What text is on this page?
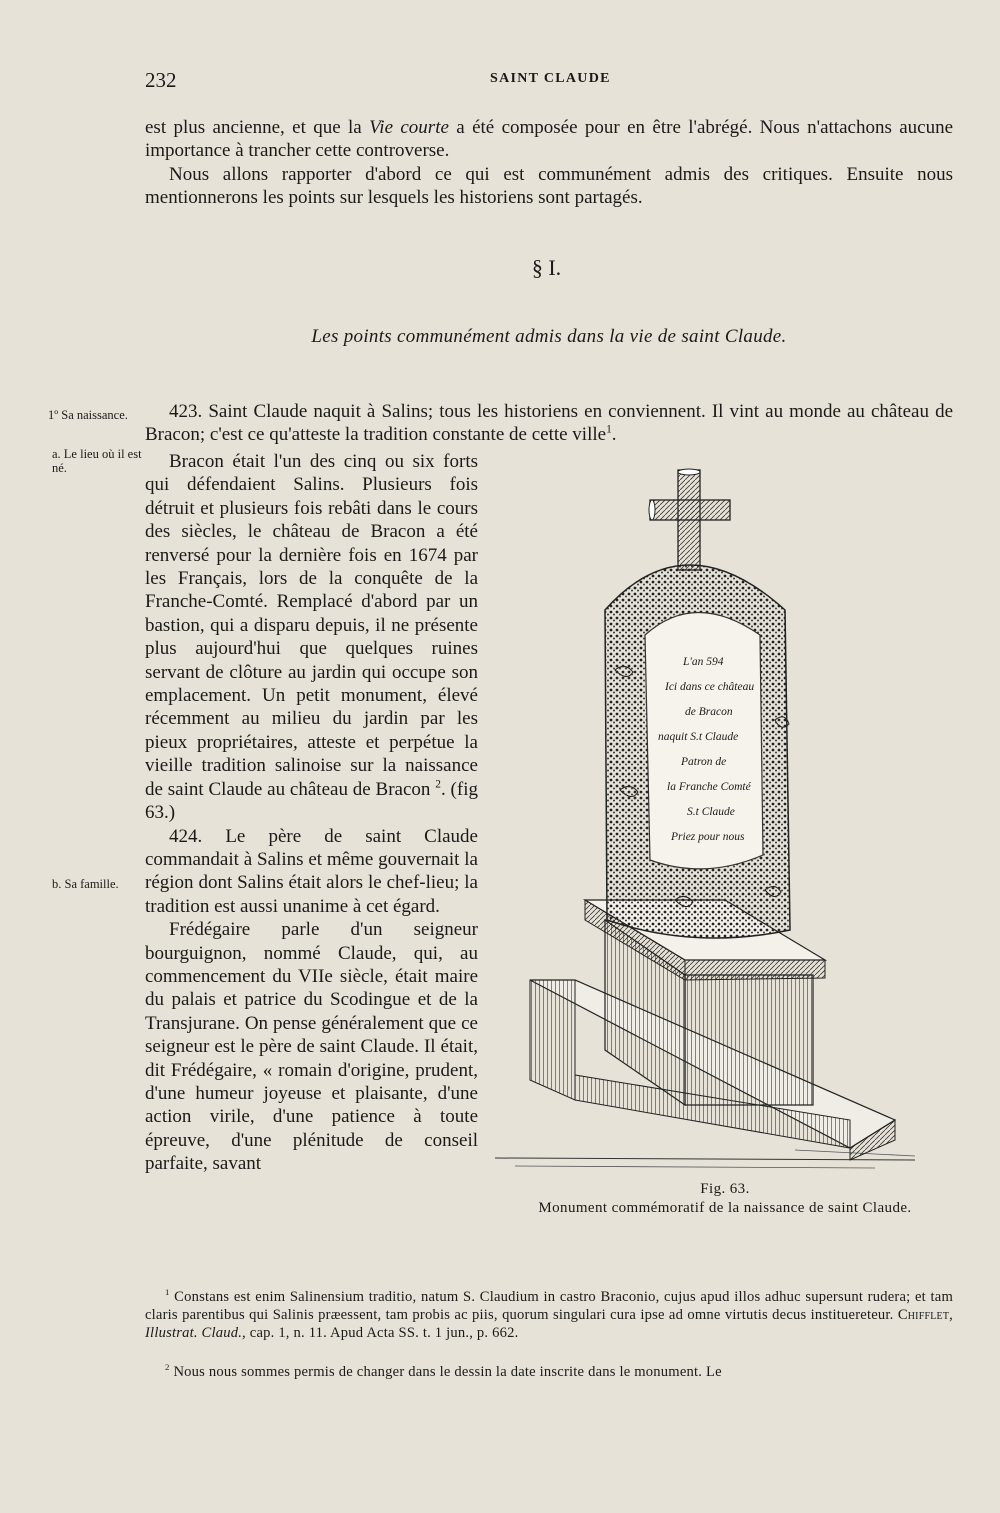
232	SAINT CLAUDE
est plus ancienne, et que la Vie courte a été composée pour en être l'abrégé. Nous n'attachons aucune importance à trancher cette controverse.
Nous allons rapporter d'abord ce qui est communément admis des critiques. Ensuite nous mentionnerons les points sur lesquels les historiens sont partagés.
§ I.
Les points communément admis dans la vie de saint Claude.
1º Sa naissance.
a. Le lieu où il est né.
b. Sa famille.
423. Saint Claude naquit à Salins; tous les historiens en conviennent. Il vint au monde au château de Bracon; c'est ce qu'atteste la tradition constante de cette ville$^1$.

Bracon était l'un des cinq ou six forts qui défendaient Salins. Plusieurs fois détruit et plusieurs fois rebâti dans le cours des siècles, le château de Bracon a été renversé pour la dernière fois en 1674 par les Français, lors de la conquête de la Franche-Comté. Remplacé d'abord par un bastion, qui a disparu depuis, il ne présente plus aujourd'hui que quelques ruines servant de clôture au jardin qui occupe son emplacement. Un petit monument, élevé récemment au milieu du jardin par les pieux propriétaires, atteste et perpétue la vieille tradition salinoise sur la naissance de saint Claude au château de Bracon $^2$. (fig 63.)

424. Le père de saint Claude commandait à Salins et même gouvernait la région dont Salins était alors le chef-lieu; la tradition est aussi unanime à cet égard.

Frédégaire parle d'un seigneur bourguignon, nommé Claude, qui, au commencement du VIIe siècle, était maire du palais et patrice du Scodingue et de la Transjurane. On pense généralement que ce seigneur est le père de saint Claude. Il était, dit Frédégaire, « romain d'origine, prudent, d'une humeur joyeuse et plaisante, d'une action virile, d'une patience à toute épreuve, d'une plénitude de conseil parfaite, savant

L'an 594
Ici dans ce château
de Bracon
naquit S.t Claude
Patron de
la Franche Comté
S.t Claude
Priez pour nous
Fig. 63.
Monument commémoratif de la naissance de saint Claude.
$^1$ Constans est enim Salinensium traditio, natum S. Claudium in castro Braconio, cujus apud illos adhuc supersunt rudera; et tam claris parentibus qui Salinis præessent, tam probis ac piis, quorum singulari cura ipse ad omne virtutis decus instituereteur. Chifflet, Illustrat. Claud., cap. 1, n. 11. Apud Acta SS. t. 1 jun., p. 662.
$^2$ Nous nous sommes permis de changer dans le dessin la date inscrite dans le monument. Le
